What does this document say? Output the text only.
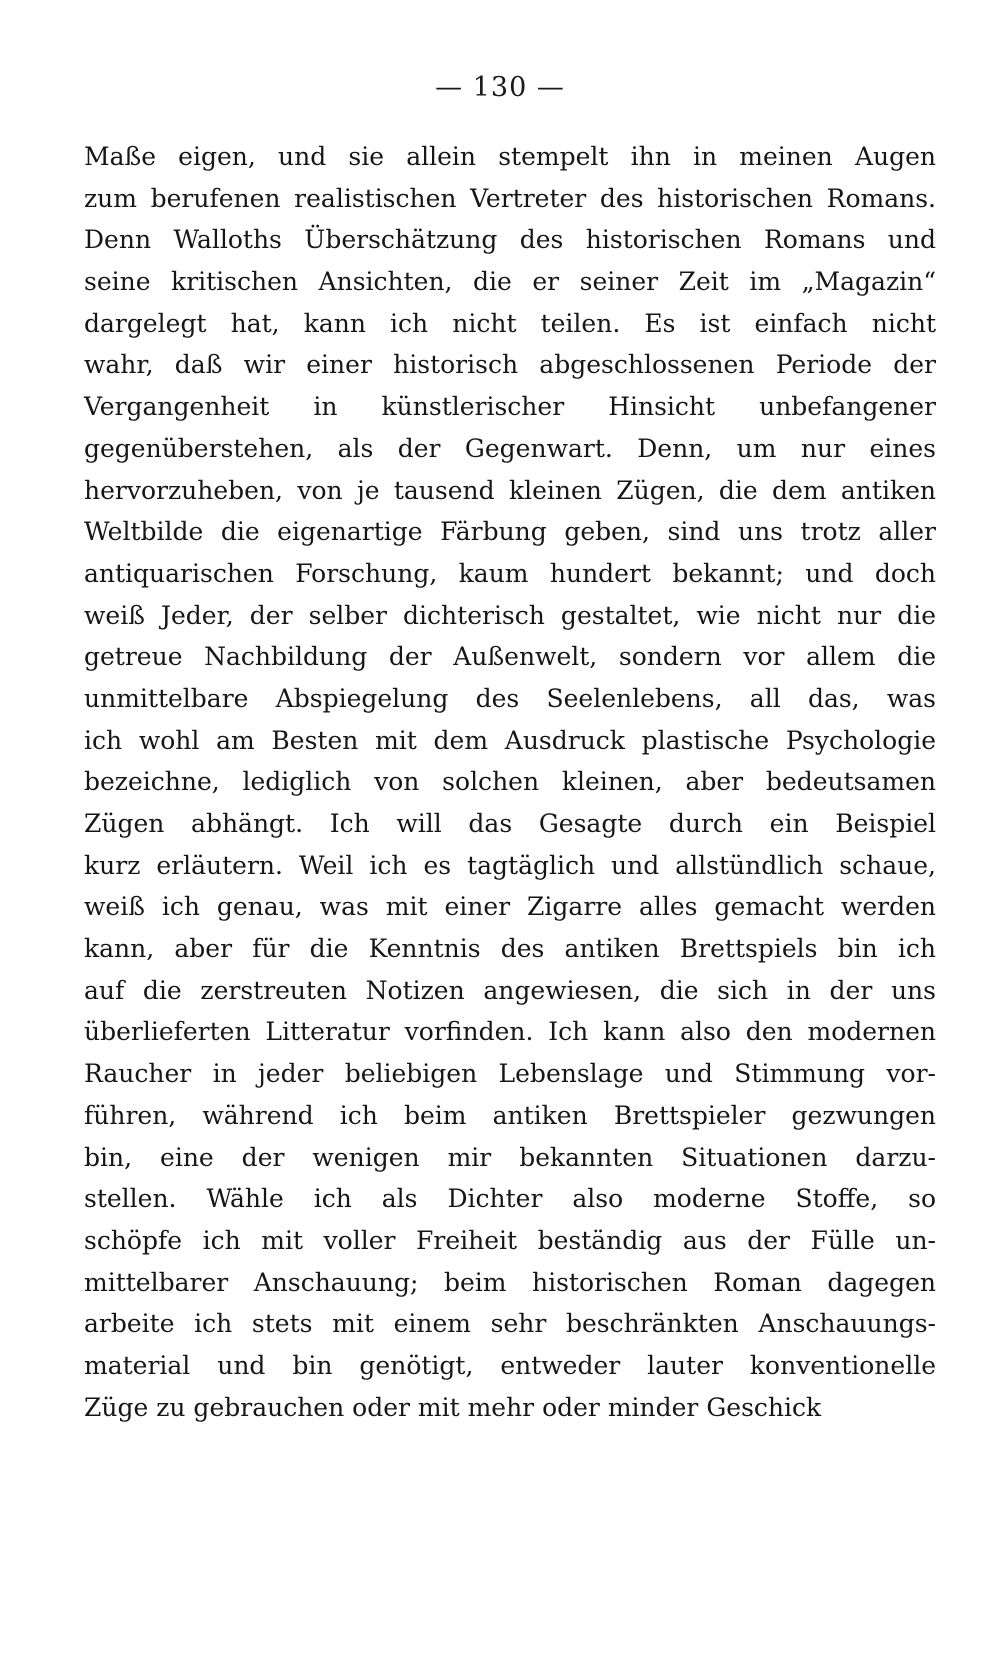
— 130 —
Maße eigen, und sie allein stempelt ihn in meinen Augen
zum berufenen realistischen Vertreter des historischen Romans.
Denn Walloths Überschätzung des historischen Romans und
seine kritischen Ansichten, die er seiner Zeit im „Magazin“
dargelegt hat, kann ich nicht teilen. Es ist einfach nicht
wahr, daß wir einer historisch abgeschlossenen Periode der
Vergangenheit in künstlerischer Hinsicht unbefangener
gegenüberstehen, als der Gegenwart. Denn, um nur eines
hervorzuheben, von je tausend kleinen Zügen, die dem antiken
Weltbilde die eigenartige Färbung geben, sind uns trotz aller
antiquarischen Forschung, kaum hundert bekannt; und doch
weiß Jeder, der selber dichterisch gestaltet, wie nicht nur die
getreue Nachbildung der Außenwelt, sondern vor allem die
unmittelbare Abspiegelung des Seelenlebens, all das, was
ich wohl am Besten mit dem Ausdruck plastische Psychologie
bezeichne, lediglich von solchen kleinen, aber bedeutsamen
Zügen abhängt. Ich will das Gesagte durch ein Beispiel
kurz erläutern. Weil ich es tagtäglich und allstündlich schaue,
weiß ich genau, was mit einer Zigarre alles gemacht werden
kann, aber für die Kenntnis des antiken Brettspiels bin ich
auf die zerstreuten Notizen angewiesen, die sich in der uns
überlieferten Litteratur vorfinden. Ich kann also den modernen
Raucher in jeder beliebigen Lebenslage und Stimmung vor-
führen, während ich beim antiken Brettspieler gezwungen
bin, eine der wenigen mir bekannten Situationen darzu-
stellen. Wähle ich als Dichter also moderne Stoffe, so
schöpfe ich mit voller Freiheit beständig aus der Fülle un-
mittelbarer Anschauung; beim historischen Roman dagegen
arbeite ich stets mit einem sehr beschränkten Anschauungs-
material und bin genötigt, entweder lauter konventionelle
Züge zu gebrauchen oder mit mehr oder minder Geschick
